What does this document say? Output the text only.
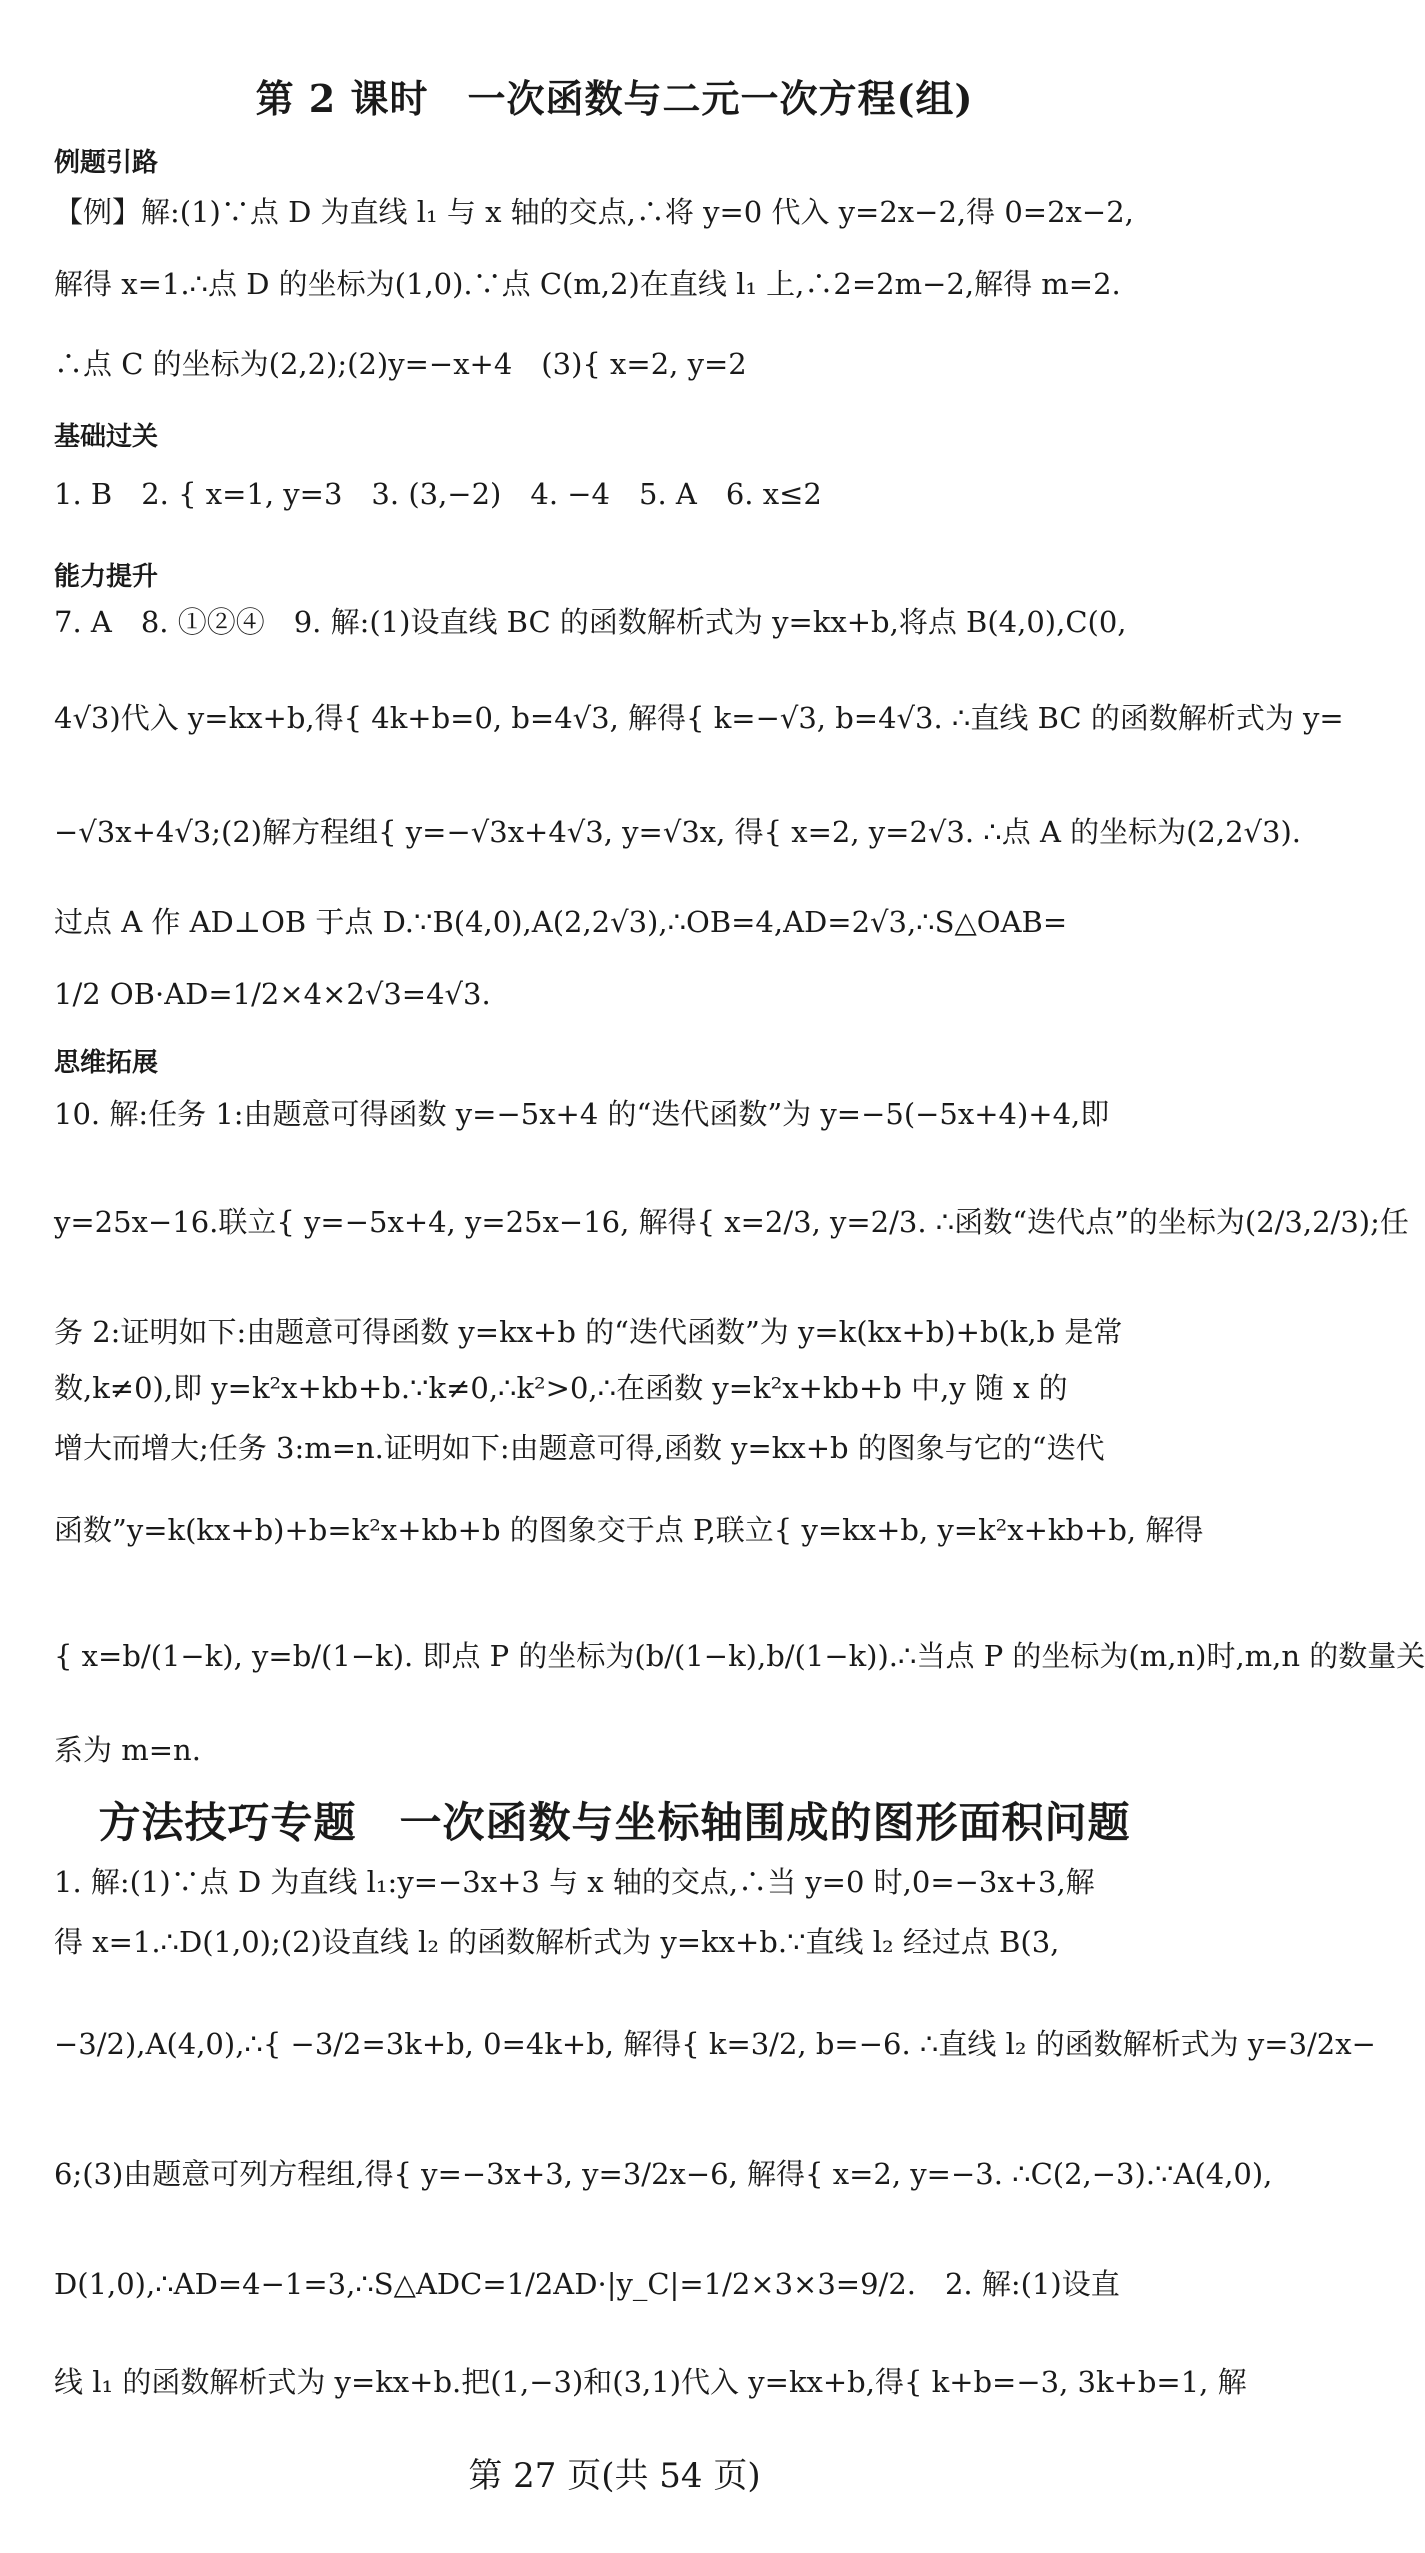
第 2 课时　一次函数与二元一次方程(组)
例题引路
【例】解:(1)∵点 D 为直线 l₁ 与 x 轴的交点,∴将 y=0 代入 y=2x−2,得 0=2x−2,
解得 x=1.∴点 D 的坐标为(1,0).∵点 C(m,2)在直线 l₁ 上,∴2=2m−2,解得 m=2.
∴点 C 的坐标为(2,2);(2)y=−x+4　(3){ x=2, y=2
基础过关
1. B　2. { x=1, y=3　3. (3,−2)　4. −4　5. A　6. x≤2
能力提升
7. A　8. ①②④　9. 解:(1)设直线 BC 的函数解析式为 y=kx+b,将点 B(4,0),C(0,
4√3)代入 y=kx+b,得{ 4k+b=0, b=4√3, 解得{ k=−√3, b=4√3. ∴直线 BC 的函数解析式为 y=
−√3x+4√3;(2)解方程组{ y=−√3x+4√3, y=√3x, 得{ x=2, y=2√3. ∴点 A 的坐标为(2,2√3).
过点 A 作 AD⊥OB 于点 D.∵B(4,0),A(2,2√3),∴OB=4,AD=2√3,∴S△OAB=
1/2 OB·AD=1/2×4×2√3=4√3.
思维拓展
10. 解:任务 1:由题意可得函数 y=−5x+4 的“迭代函数”为 y=−5(−5x+4)+4,即
y=25x−16.联立{ y=−5x+4, y=25x−16, 解得{ x=2/3, y=2/3. ∴函数“迭代点”的坐标为(2/3,2/3);任
务 2:证明如下:由题意可得函数 y=kx+b 的“迭代函数”为 y=k(kx+b)+b(k,b 是常
数,k≠0),即 y=k²x+kb+b.∵k≠0,∴k²>0,∴在函数 y=k²x+kb+b 中,y 随 x 的
增大而增大;任务 3:m=n.证明如下:由题意可得,函数 y=kx+b 的图象与它的“迭代
函数”y=k(kx+b)+b=k²x+kb+b 的图象交于点 P,联立{ y=kx+b, y=k²x+kb+b, 解得
{ x=b/(1−k), y=b/(1−k). 即点 P 的坐标为(b/(1−k),b/(1−k)).∴当点 P 的坐标为(m,n)时,m,n 的数量关
系为 m=n.
方法技巧专题　一次函数与坐标轴围成的图形面积问题
1. 解:(1)∵点 D 为直线 l₁:y=−3x+3 与 x 轴的交点,∴当 y=0 时,0=−3x+3,解
得 x=1.∴D(1,0);(2)设直线 l₂ 的函数解析式为 y=kx+b.∵直线 l₂ 经过点 B(3,
−3/2),A(4,0),∴{ −3/2=3k+b, 0=4k+b, 解得{ k=3/2, b=−6. ∴直线 l₂ 的函数解析式为 y=3/2x−
6;(3)由题意可列方程组,得{ y=−3x+3, y=3/2x−6, 解得{ x=2, y=−3. ∴C(2,−3).∵A(4,0),
D(1,0),∴AD=4−1=3,∴S△ADC=1/2AD·|y_C|=1/2×3×3=9/2.　2. 解:(1)设直
线 l₁ 的函数解析式为 y=kx+b.把(1,−3)和(3,1)代入 y=kx+b,得{ k+b=−3, 3k+b=1, 解
第 27 页(共 54 页)
